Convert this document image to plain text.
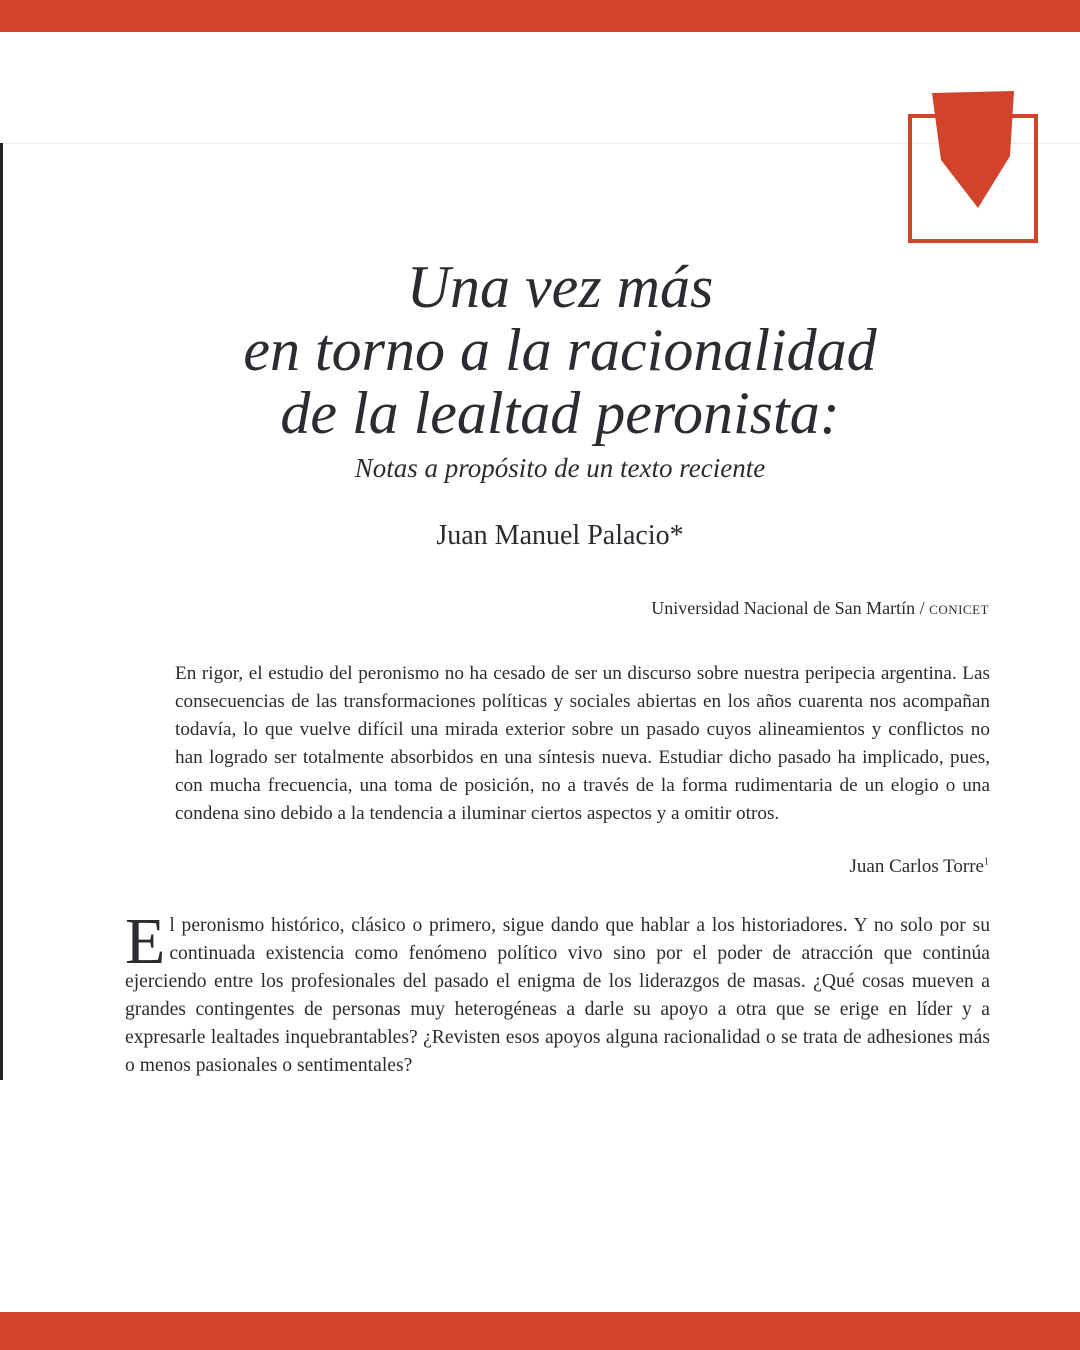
Una vez más
en torno a la racionalidad
de la lealtad peronista:
Notas a propósito de un texto reciente
Juan Manuel Palacio*
Universidad Nacional de San Martín / CONICET

En rigor, el estudio del peronismo no ha cesado de ser un discurso sobre nuestra peripecia argentina. Las consecuencias de las transformaciones políticas y sociales abiertas en los años cuarenta nos acompañan todavía, lo que vuelve difícil una mirada exterior sobre un pasado cuyos alineamientos y conflictos no han logrado ser totalmente absorbidos en una síntesis nueva. Estudiar dicho pasado ha implicado, pues, con mucha frecuencia, una toma de posición, no a través de la forma rudimentaria de un elogio o una condena sino debido a la tendencia a iluminar ciertos aspectos y a omitir otros.

Juan Carlos Torre$^1$

El peronismo histórico, clásico o primero, sigue dando que hablar a los historiadores. Y no solo por su continuada existencia como fenómeno político vivo sino por el poder de atracción que continúa ejerciendo entre los profesionales del pasado el enigma de los liderazgos de masas. ¿Qué cosas mueven a grandes contingentes de personas muy heterogéneas a darle su apoyo a otra que se erige en líder y a expresarle lealtades inquebrantables? ¿Revisten esos apoyos alguna racionalidad o se trata de adhesiones más o menos pasionales o sentimentales?
